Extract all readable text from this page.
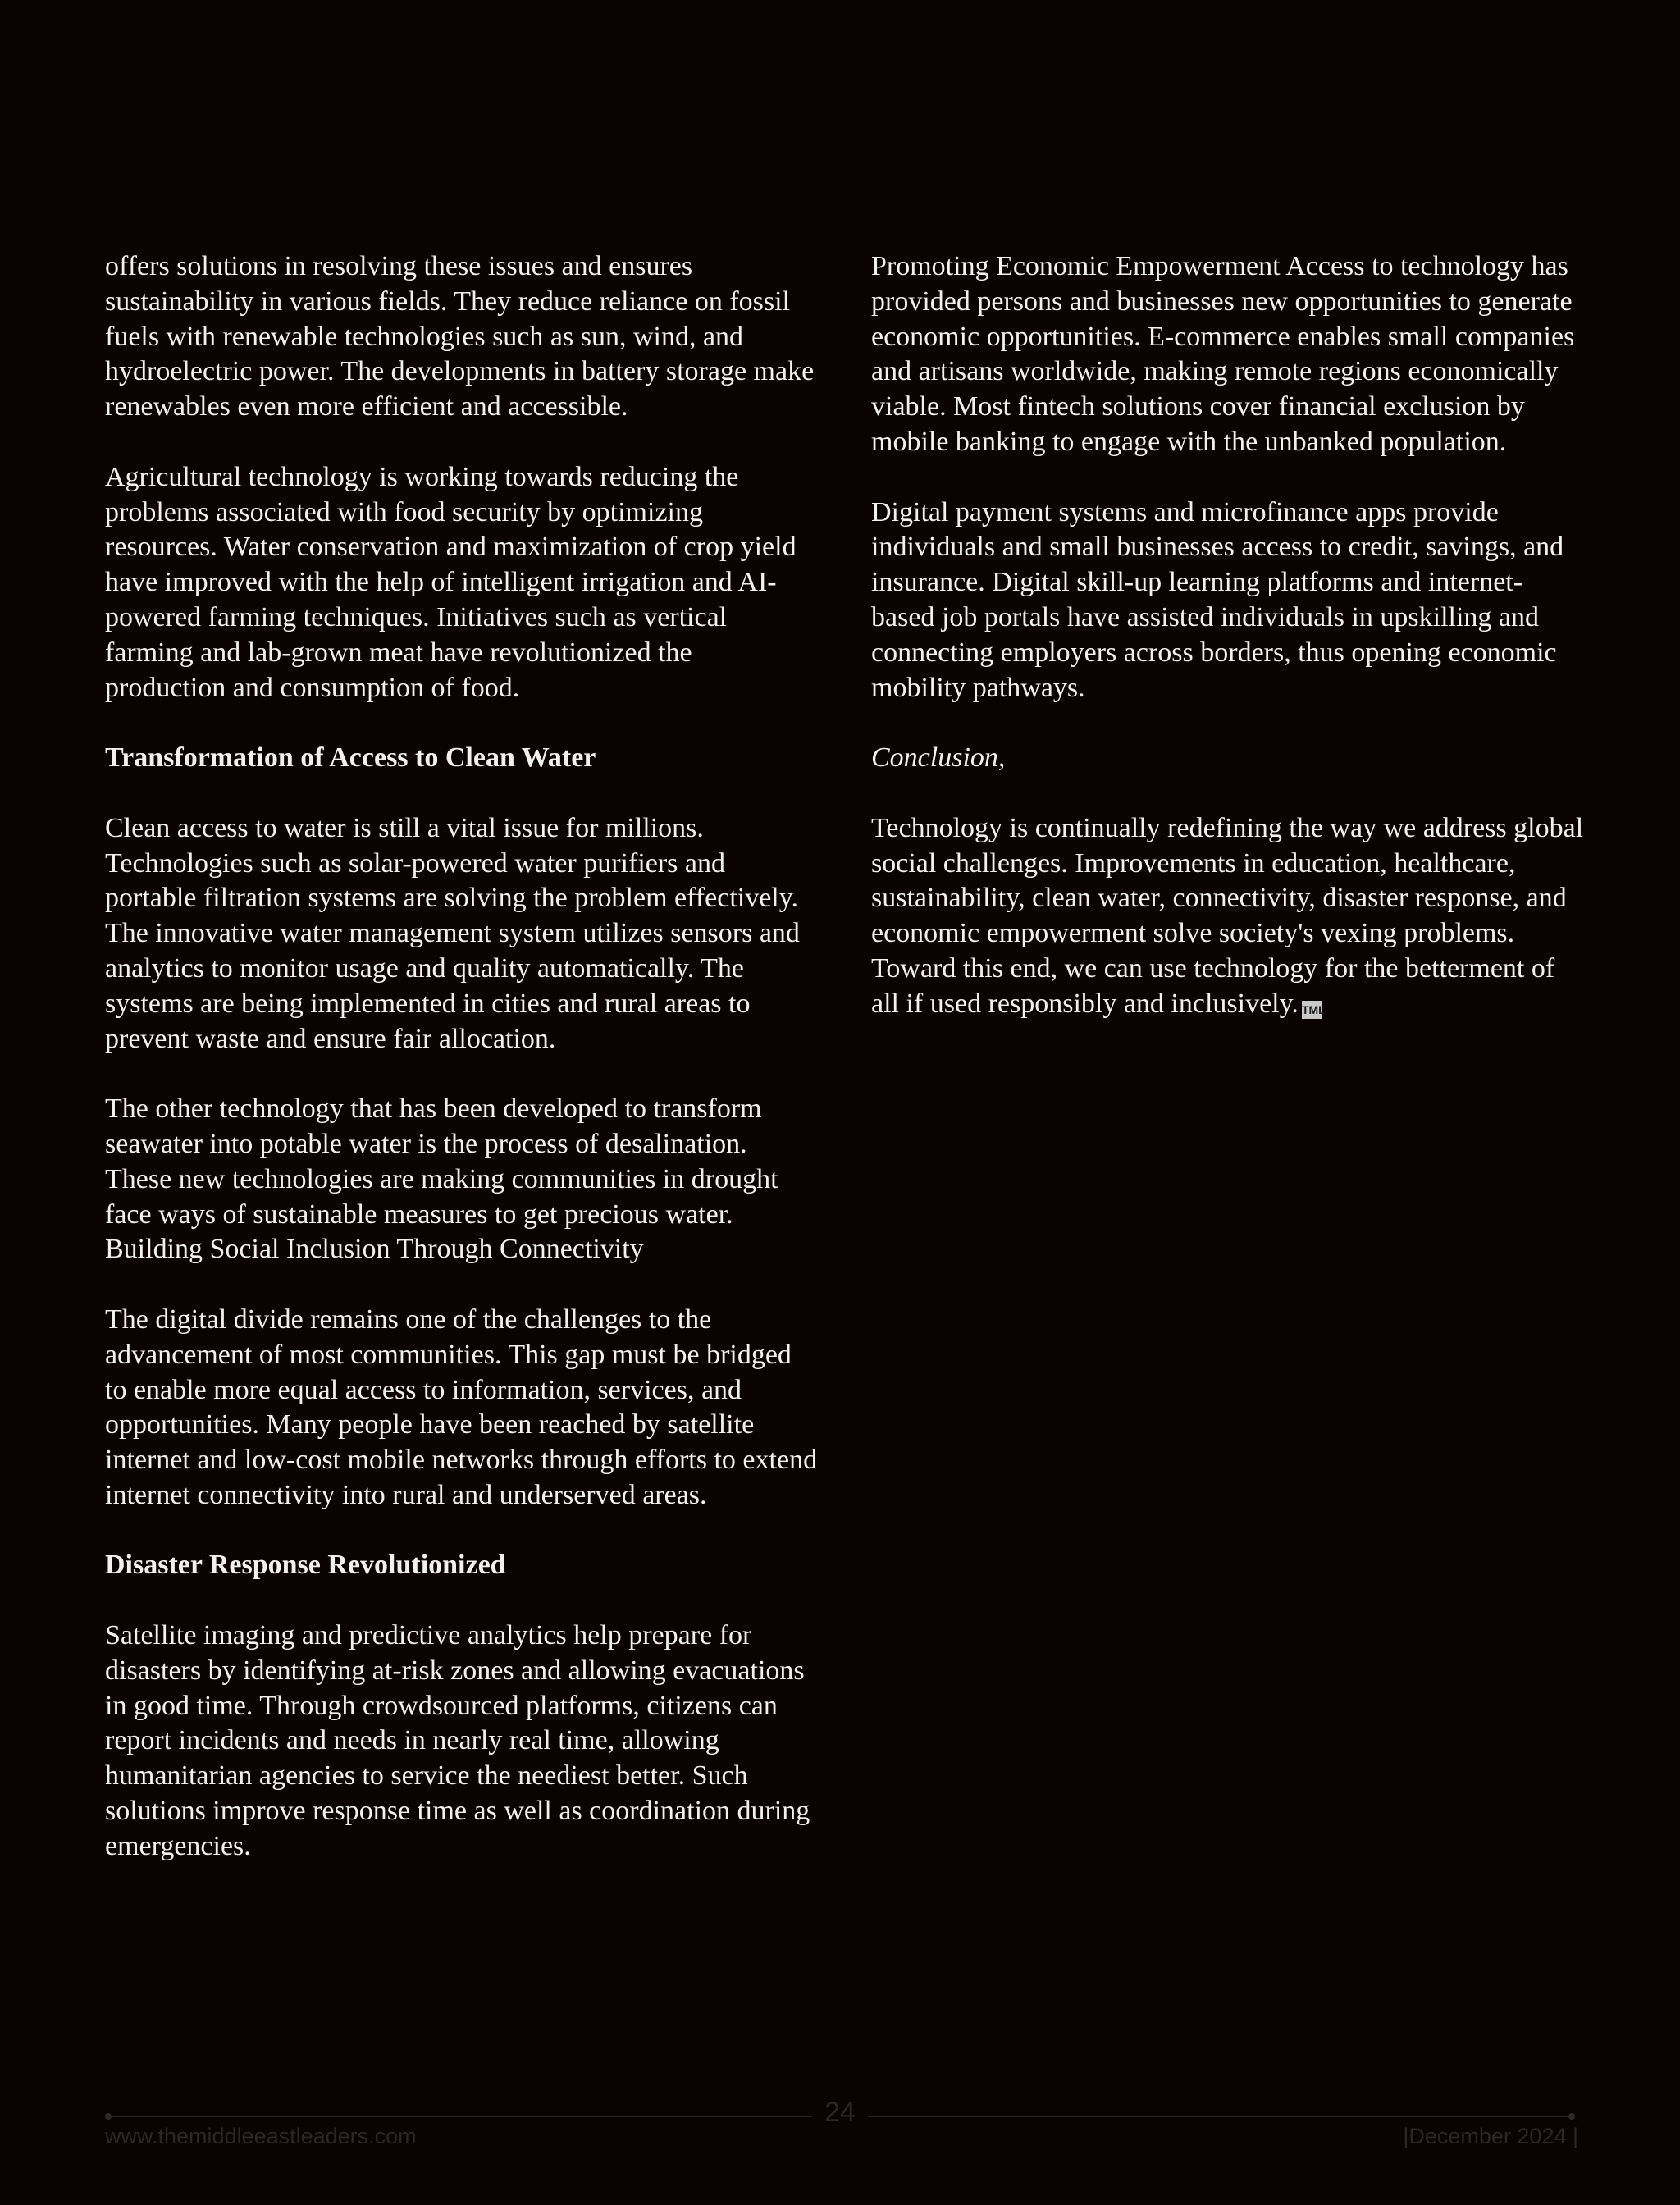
offers solutions in resolving these issues and ensures sustainability in various fields. They reduce reliance on fossil fuels with renewable technologies such as sun, wind, and hydroelectric power. The developments in battery storage make renewables even more efficient and accessible.

Agricultural technology is working towards reducing the problems associated with food security by optimizing resources. Water conservation and maximization of crop yield have improved with the help of intelligent irrigation and AI-powered farming techniques. Initiatives such as vertical farming and lab-grown meat have revolutionized the production and consumption of food.

Transformation of Access to Clean Water

Clean access to water is still a vital issue for millions. Technologies such as solar-powered water purifiers and portable filtration systems are solving the problem effectively. The innovative water management system utilizes sensors and analytics to monitor usage and quality automatically. The systems are being implemented in cities and rural areas to prevent waste and ensure fair allocation.

The other technology that has been developed to transform seawater into potable water is the process of desalination. These new technologies are making communities in drought face ways of sustainable measures to get precious water.

Building Social Inclusion Through Connectivity

The digital divide remains one of the challenges to the advancement of most communities. This gap must be bridged to enable more equal access to information, services, and opportunities. Many people have been reached by satellite internet and low-cost mobile networks through efforts to extend internet connectivity into rural and underserved areas.

Disaster Response Revolutionized

Satellite imaging and predictive analytics help prepare for disasters by identifying at-risk zones and allowing evacuations in good time. Through crowdsourced platforms, citizens can report incidents and needs in nearly real time, allowing humanitarian agencies to service the neediest better. Such solutions improve response time as well as coordination during emergencies.

Promoting Economic Empowerment Access to technology has provided persons and businesses new opportunities to generate economic opportunities. E-commerce enables small companies and artisans worldwide, making remote regions economically viable. Most fintech solutions cover financial exclusion by mobile banking to engage with the unbanked population.

Digital payment systems and microfinance apps provide individuals and small businesses access to credit, savings, and insurance. Digital skill-up learning platforms and internet-based job portals have assisted individuals in upskilling and connecting employers across borders, thus opening economic mobility pathways.

Conclusion,

Technology is continually redefining the way we address global social challenges. Improvements in education, healthcare, sustainability, clean water, connectivity, disaster response, and economic empowerment solve society's vexing problems. Toward this end, we can use technology for the betterment of all if used responsibly and inclusively. TML

24
www.themiddleeastleaders.com	|December 2024 |
